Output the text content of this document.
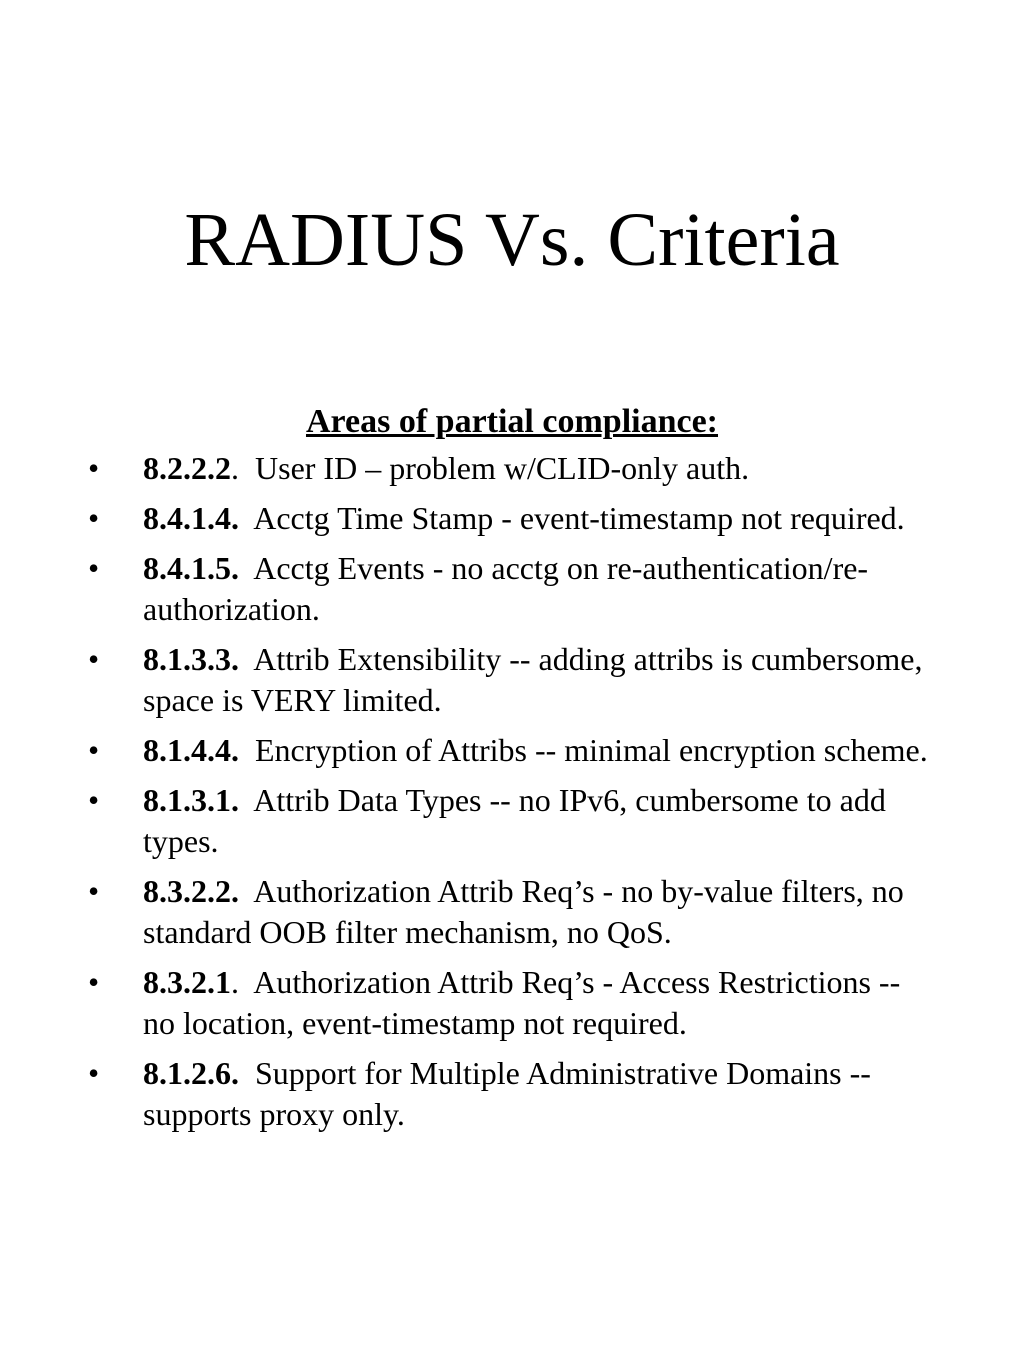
RADIUS Vs. Criteria
Areas of partial compliance:
•	8.2.2.2.  User ID – problem w/CLID-only auth.
•	8.4.1.4. Acctg Time Stamp - event-timestamp not required.
•	8.4.1.5. Acctg Events - no acctg on re-authentication/re-authorization.
•	8.1.3.3. Attrib Extensibility -- adding attribs is cumbersome, space is VERY limited.
•	8.1.4.4. Encryption of Attribs -- minimal encryption scheme.
•	8.1.3.1. Attrib Data Types -- no IPv6, cumbersome to add types.
•	8.3.2.2. Authorization Attrib Req’s - no by-value filters, no standard OOB filter mechanism, no QoS.
•	8.3.2.1.  Authorization Attrib Req’s - Access Restrictions -- no location, event-timestamp not required.
•	8.1.2.6. Support for Multiple Administrative Domains -- supports proxy only.
